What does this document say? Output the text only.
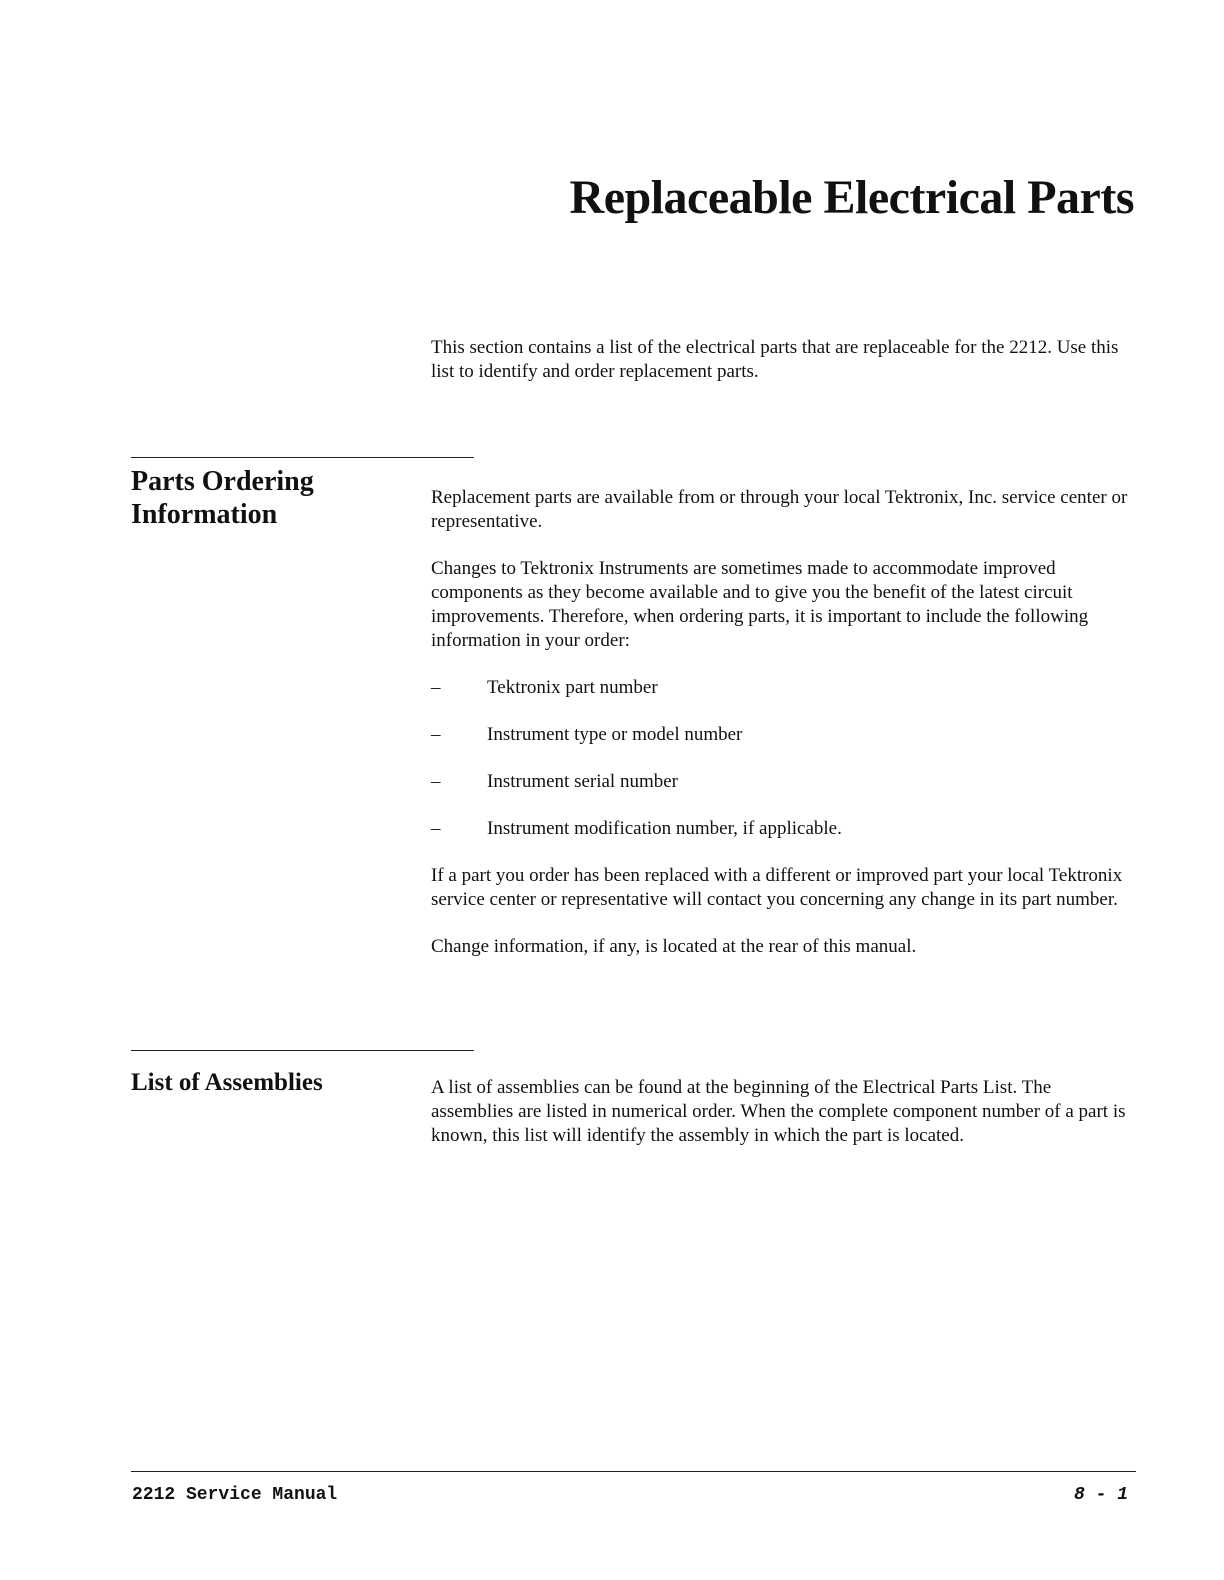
Replaceable Electrical Parts

This section contains a list of the electrical parts that are replaceable for the 2212. Use this list to identify and order replacement parts.

Parts Ordering Information

Replacement parts are available from or through your local Tektronix, Inc. service center or representative.

Changes to Tektronix Instruments are sometimes made to accommodate improved components as they become available and to give you the benefit of the latest circuit improvements. Therefore, when ordering parts, it is important to include the following information in your order:

– Tektronix part number
– Instrument type or model number
– Instrument serial number
– Instrument modification number, if applicable.

If a part you order has been replaced with a different or improved part your local Tektronix service center or representative will contact you concerning any change in its part number.

Change information, if any, is located at the rear of this manual.

List of Assemblies	A list of assemblies can be found at the beginning of the Electrical Parts List. The assemblies are listed in numerical order. When the complete component number of a part is known, this list will identify the assembly in which the part is located.

2212 Service Manual	8 - 1
